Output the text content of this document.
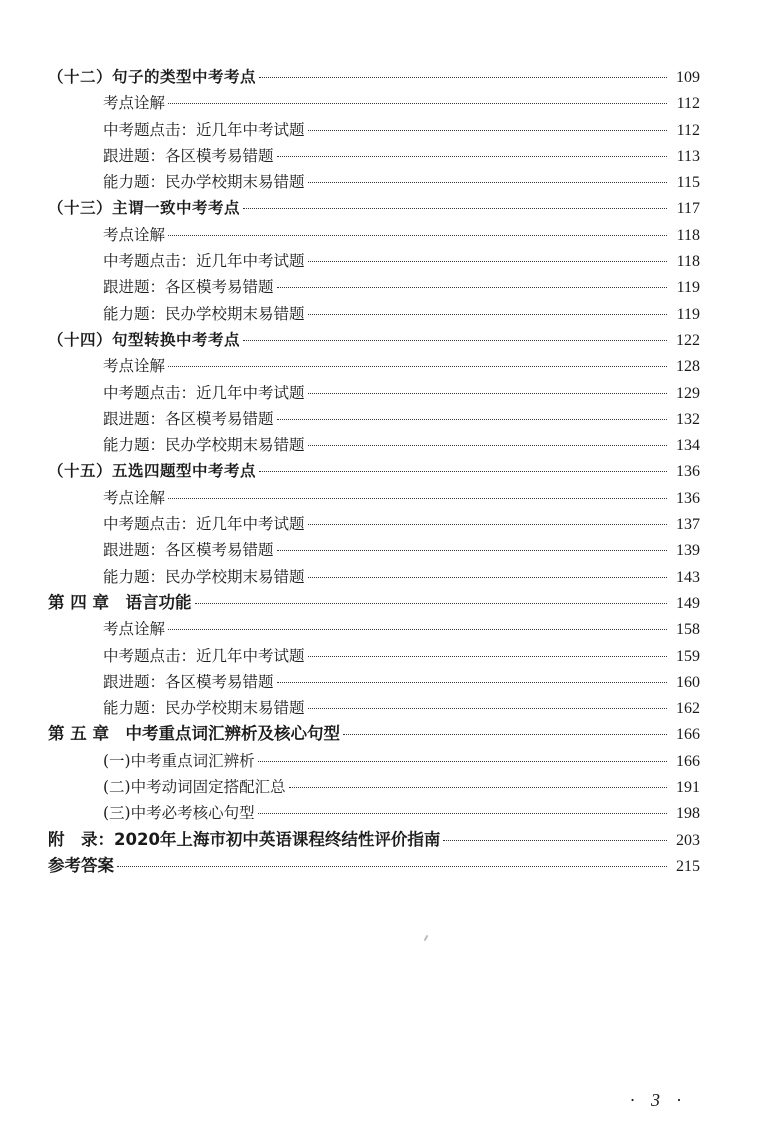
（十二）句子的类型中考考点	109
考点诠解	112
中考题点击：近几年中考试题	112
跟进题：各区模考易错题	113
能力题：民办学校期末易错题	115
（十三）主谓一致中考考点	117
考点诠解	118
中考题点击：近几年中考试题	118
跟进题：各区模考易错题	119
能力题：民办学校期末易错题	119
（十四）句型转换中考考点	122
考点诠解	128
中考题点击：近几年中考试题	129
跟进题：各区模考易错题	132
能力题：民办学校期末易错题	134
（十五）五选四题型中考考点	136
考点诠解	136
中考题点击：近几年中考试题	137
跟进题：各区模考易错题	139
能力题：民办学校期末易错题	143
第 四 章　语言功能	149
考点诠解	158
中考题点击：近几年中考试题	159
跟进题：各区模考易错题	160
能力题：民办学校期末易错题	162
第 五 章　中考重点词汇辨析及核心句型	166
(一)中考重点词汇辨析	166
(二)中考动词固定搭配汇总	191
(三)中考必考核心句型	198
附　录：2020年上海市初中英语课程终结性评价指南	203
参考答案	215
· 3 ·
